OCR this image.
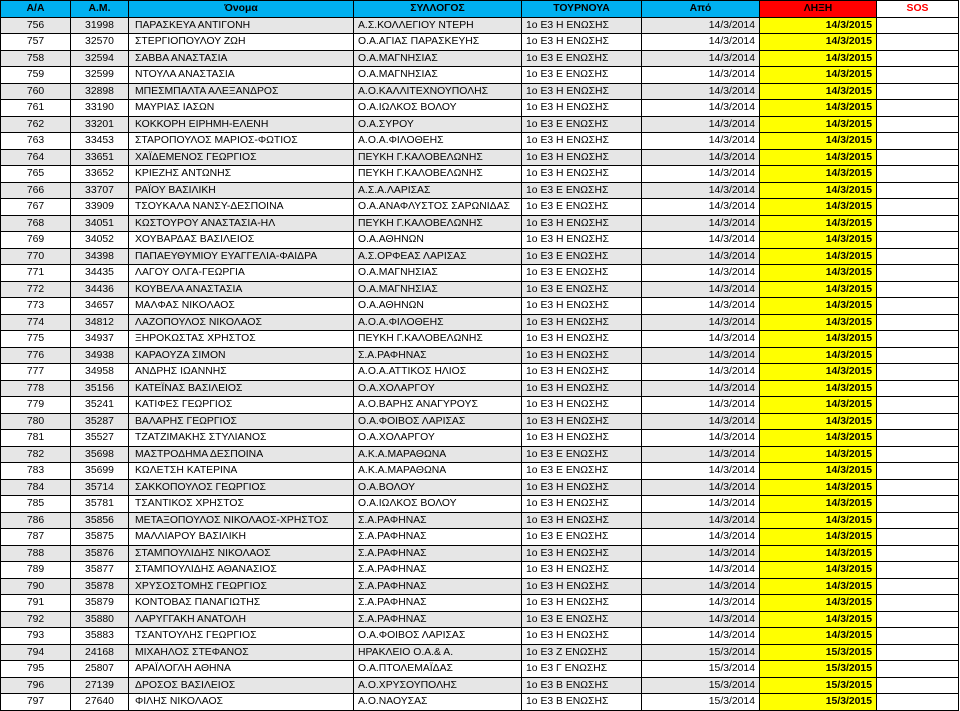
A/A	A.M.	Όνομα	ΣΥΛΛΟΓΟΣ	ΤΟΥΡΝΟΥΑ	Από	ΛΗΞΗ	SOS
756	31998	ΠΑΡΑΣΚΕΥΑ ΑΝΤΙΓΟΝΗ	Α.Σ.ΚΟΛΛΕΓΙΟΥ ΝΤΕΡΗ	1ο Ε3 Η ΕΝΩΣΗΣ	14/3/2014	14/3/2015	
757	32570	ΣΤΕΡΓΙΟΠΟΥΛΟΥ ΖΩΗ	Ο.Α.ΑΓΙΑΣ ΠΑΡΑΣΚΕΥΗΣ	1ο Ε3 Η ΕΝΩΣΗΣ	14/3/2014	14/3/2015	
758	32594	ΣΑΒΒΑ ΑΝΑΣΤΑΣΙΑ	Ο.Α.ΜΑΓΝΗΣΙΑΣ	1ο Ε3 Ε ΕΝΩΣΗΣ	14/3/2014	14/3/2015	
759	32599	ΝΤΟΥΛΑ ΑΝΑΣΤΑΣΙΑ	Ο.Α.ΜΑΓΝΗΣΙΑΣ	1ο Ε3 Ε ΕΝΩΣΗΣ	14/3/2014	14/3/2015	
760	32898	ΜΠΕΣΜΠΑΛΤΑ ΑΛΕΞΑΝΔΡΟΣ	Α.Ο.ΚΑΛΛΙΤΕΧΝΟΥΠΟΛΗΣ	1ο Ε3 Η ΕΝΩΣΗΣ	14/3/2014	14/3/2015	
761	33190	ΜΑΥΡΙΑΣ ΙΑΣΩΝ	Ο.Α.ΙΩΛΚΟΣ ΒΟΛΟΥ	1ο Ε3 Η ΕΝΩΣΗΣ	14/3/2014	14/3/2015	
762	33201	ΚΟΚΚΟΡΗ ΕΙΡΗΜΗ-ΕΛΕΝΗ	Ο.Α.ΣΥΡΟΥ	1ο Ε3 Ε ΕΝΩΣΗΣ	14/3/2014	14/3/2015	
763	33453	ΣΤΑΡΟΠΟΥΛΟΣ ΜΑΡΙΟΣ-ΦΩΤΙΟΣ	Α.Ο.Α.ΦΙΛΟΘΕΗΣ	1ο Ε3 Η ΕΝΩΣΗΣ	14/3/2014	14/3/2015	
764	33651	ΧΑΪΔΕΜΕΝΟΣ ΓΕΩΡΓΙΟΣ	ΠΕΥΚΗ Γ.ΚΑΛΟΒΕΛΩΝΗΣ	1ο Ε3 Η ΕΝΩΣΗΣ	14/3/2014	14/3/2015	
765	33652	ΚΡΙΕΖΗΣ ΑΝΤΩΝΗΣ	ΠΕΥΚΗ Γ.ΚΑΛΟΒΕΛΩΝΗΣ	1ο Ε3 Η ΕΝΩΣΗΣ	14/3/2014	14/3/2015	
766	33707	ΡΑΪΟΥ ΒΑΣΙΛΙΚΗ	Α.Σ.Α.ΛΑΡΙΣΑΣ	1ο Ε3 Ε ΕΝΩΣΗΣ	14/3/2014	14/3/2015	
767	33909	ΤΣΟΥΚΑΛΑ ΝΑΝΣΥ-ΔΕΣΠΟΙΝΑ	Ο.Α.ΑΝΑΦΛΥΣΤΟΣ ΣΑΡΩΝΙΔΑΣ	1ο Ε3 Ε ΕΝΩΣΗΣ	14/3/2014	14/3/2015	
768	34051	ΚΩΣΤΟΥΡΟΥ ΑΝΑΣΤΑΣΙΑ-ΗΛ	ΠΕΥΚΗ Γ.ΚΑΛΟΒΕΛΩΝΗΣ	1ο Ε3 Η ΕΝΩΣΗΣ	14/3/2014	14/3/2015	
769	34052	ΧΟΥΒΑΡΔΑΣ ΒΑΣΙΛΕΙΟΣ	Ο.Α.ΑΘΗΝΩΝ	1ο Ε3 Η ΕΝΩΣΗΣ	14/3/2014	14/3/2015	
770	34398	ΠΑΠΑΕΥΘΥΜΙΟΥ ΕΥΑΓΓΕΛΙΑ-ΦΑΙΔΡΑ	Α.Σ.ΟΡΦΕΑΣ ΛΑΡΙΣΑΣ	1ο Ε3 Ε ΕΝΩΣΗΣ	14/3/2014	14/3/2015	
771	34435	ΛΑΓΟΥ ΟΛΓΑ-ΓΕΩΡΓΙΑ	Ο.Α.ΜΑΓΝΗΣΙΑΣ	1ο Ε3 Ε ΕΝΩΣΗΣ	14/3/2014	14/3/2015	
772	34436	ΚΟΥΒΕΛΑ ΑΝΑΣΤΑΣΙΑ	Ο.Α.ΜΑΓΝΗΣΙΑΣ	1ο Ε3 Ε ΕΝΩΣΗΣ	14/3/2014	14/3/2015	
773	34657	ΜΑΛΦΑΣ ΝΙΚΟΛΑΟΣ	Ο.Α.ΑΘΗΝΩΝ	1ο Ε3 Η ΕΝΩΣΗΣ	14/3/2014	14/3/2015	
774	34812	ΛΑΖΟΠΟΥΛΟΣ ΝΙΚΟΛΑΟΣ	Α.Ο.Α.ΦΙΛΟΘΕΗΣ	1ο Ε3 Η ΕΝΩΣΗΣ	14/3/2014	14/3/2015	
775	34937	ΞΗΡΟΚΩΣΤΑΣ ΧΡΗΣΤΟΣ	ΠΕΥΚΗ Γ.ΚΑΛΟΒΕΛΩΝΗΣ	1ο Ε3 Η ΕΝΩΣΗΣ	14/3/2014	14/3/2015	
776	34938	ΚΑΡΑΟΥΖΑ ΣΙΜΟΝ	Σ.Α.ΡΑΦΗΝΑΣ	1ο Ε3 Η ΕΝΩΣΗΣ	14/3/2014	14/3/2015	
777	34958	ΑΝΔΡΗΣ ΙΩΑΝΝΗΣ	Α.Ο.Α.ΑΤΤΙΚΟΣ ΗΛΙΟΣ	1ο Ε3 Η ΕΝΩΣΗΣ	14/3/2014	14/3/2015	
778	35156	ΚΑΤΕΪΝΑΣ ΒΑΣΙΛΕΙΟΣ	Ο.Α.ΧΟΛΑΡΓΟΥ	1ο Ε3 Η ΕΝΩΣΗΣ	14/3/2014	14/3/2015	
779	35241	ΚΑΤΙΦΕΣ ΓΕΩΡΓΙΟΣ	Α.Ο.ΒΑΡΗΣ ΑΝΑΓΥΡΟΥΣ	1ο Ε3 Η ΕΝΩΣΗΣ	14/3/2014	14/3/2015	
780	35287	ΒΑΛΑΡΗΣ ΓΕΩΡΓΙΟΣ	Ο.Α.ΦΟΙΒΟΣ ΛΑΡΙΣΑΣ	1ο Ε3 Η ΕΝΩΣΗΣ	14/3/2014	14/3/2015	
781	35527	ΤΖΑΤΖΙΜΑΚΗΣ ΣΤΥΛΙΑΝΟΣ	Ο.Α.ΧΟΛΑΡΓΟΥ	1ο Ε3 Η ΕΝΩΣΗΣ	14/3/2014	14/3/2015	
782	35698	ΜΑΣΤΡΟΔΗΜΑ ΔΕΣΠΟΙΝΑ	Α.Κ.Α.ΜΑΡΑΘΩΝΑ	1ο Ε3 Ε ΕΝΩΣΗΣ	14/3/2014	14/3/2015	
783	35699	ΚΩΛΕΤΣΗ ΚΑΤΕΡΙΝΑ	Α.Κ.Α.ΜΑΡΑΘΩΝΑ	1ο Ε3 Ε ΕΝΩΣΗΣ	14/3/2014	14/3/2015	
784	35714	ΣΑΚΚΟΠΟΥΛΟΣ ΓΕΩΡΓΙΟΣ	Ο.Α.ΒΟΛΟΥ	1ο Ε3 Η ΕΝΩΣΗΣ	14/3/2014	14/3/2015	
785	35781	ΤΣΑΝΤΙΚΟΣ ΧΡΗΣΤΟΣ	Ο.Α.ΙΩΛΚΟΣ ΒΟΛΟΥ	1ο Ε3 Η ΕΝΩΣΗΣ	14/3/2014	14/3/2015	
786	35856	ΜΕΤΑΞΟΠΟΥΛΟΣ ΝΙΚΟΛΑΟΣ-ΧΡΗΣΤΟΣ	Σ.Α.ΡΑΦΗΝΑΣ	1ο Ε3 Η ΕΝΩΣΗΣ	14/3/2014	14/3/2015	
787	35875	ΜΑΛΛΙΑΡΟΥ ΒΑΣΙΛΙΚΗ	Σ.Α.ΡΑΦΗΝΑΣ	1ο Ε3 Ε ΕΝΩΣΗΣ	14/3/2014	14/3/2015	
788	35876	ΣΤΑΜΠΟΥΛΙΔΗΣ ΝΙΚΟΛΑΟΣ	Σ.Α.ΡΑΦΗΝΑΣ	1ο Ε3 Η ΕΝΩΣΗΣ	14/3/2014	14/3/2015	
789	35877	ΣΤΑΜΠΟΥΛΙΔΗΣ ΑΘΑΝΑΣΙΟΣ	Σ.Α.ΡΑΦΗΝΑΣ	1ο Ε3 Η ΕΝΩΣΗΣ	14/3/2014	14/3/2015	
790	35878	ΧΡΥΣΟΣΤΟΜΗΣ ΓΕΩΡΓΙΟΣ	Σ.Α.ΡΑΦΗΝΑΣ	1ο Ε3 Η ΕΝΩΣΗΣ	14/3/2014	14/3/2015	
791	35879	ΚΟΝΤΟΒΑΣ ΠΑΝΑΓΙΩΤΗΣ	Σ.Α.ΡΑΦΗΝΑΣ	1ο Ε3 Η ΕΝΩΣΗΣ	14/3/2014	14/3/2015	
792	35880	ΛΑΡΥΓΓΑΚΗ ΑΝΑΤΟΛΗ	Σ.Α.ΡΑΦΗΝΑΣ	1ο Ε3 Ε ΕΝΩΣΗΣ	14/3/2014	14/3/2015	
793	35883	ΤΣΑΝΤΟΥΛΗΣ ΓΕΩΡΓΙΟΣ	Ο.Α.ΦΟΙΒΟΣ ΛΑΡΙΣΑΣ	1ο Ε3 Η ΕΝΩΣΗΣ	14/3/2014	14/3/2015	
794	24168	ΜΙΧΑΗΛΟΣ ΣΤΕΦΑΝΟΣ	ΗΡΑΚΛΕΙΟ Ο.Α.& Α.	1ο Ε3 Ζ ΕΝΩΣΗΣ	15/3/2014	15/3/2015	
795	25807	ΑΡΑΪΛΟΓΛΗ ΑΘΗΝΑ	Ο.Α.ΠΤΟΛΕΜΑΪΔΑΣ	1ο Ε3 Γ ΕΝΩΣΗΣ	15/3/2014	15/3/2015	
796	27139	ΔΡΟΣΟΣ ΒΑΣΙΛΕΙΟΣ	Α.Ο.ΧΡΥΣΟΥΠΟΛΗΣ	1ο Ε3 Β ΕΝΩΣΗΣ	15/3/2014	15/3/2015	
797	27640	ΦΙΛΗΣ ΝΙΚΟΛΑΟΣ	Α.Ο.ΝΑΟΥΣΑΣ	1ο Ε3 Β ΕΝΩΣΗΣ	15/3/2014	15/3/2015	
